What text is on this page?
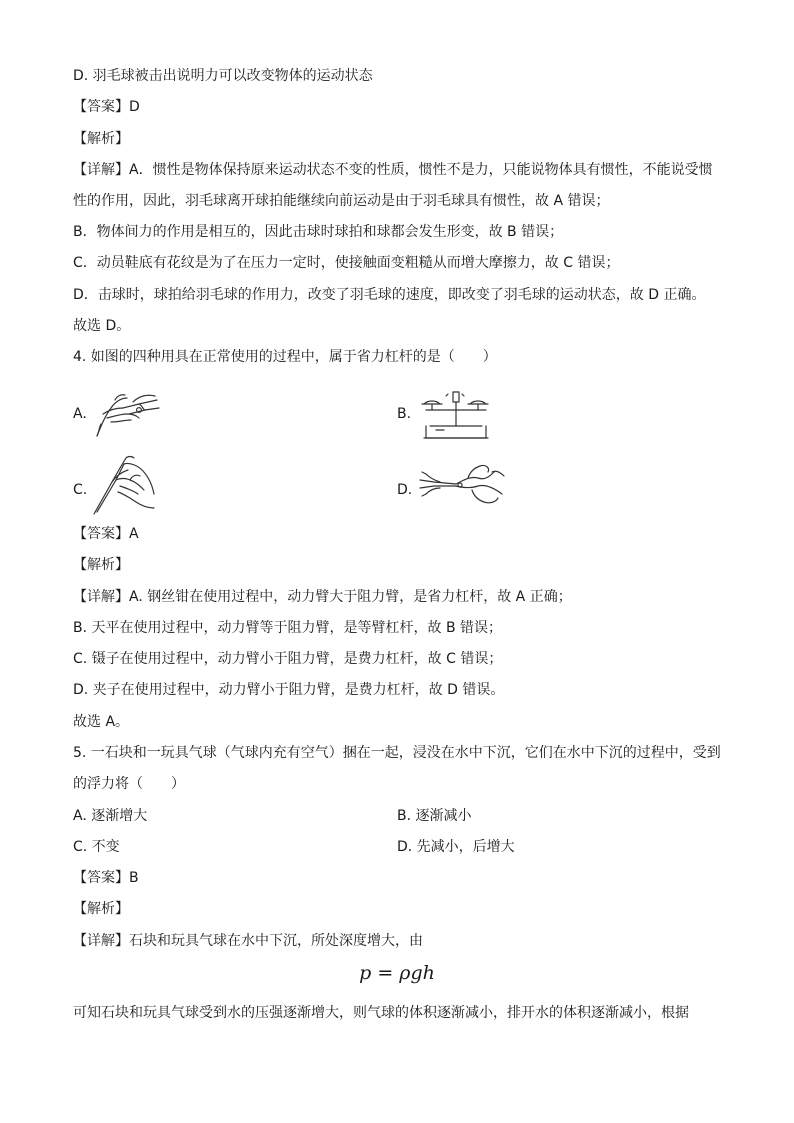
D. 羽毛球被击出说明力可以改变物体的运动状态
【答案】D
【解析】
【详解】A．惯性是物体保持原来运动状态不变的性质，惯性不是力，只能说物体具有惯性，不能说受惯
性的作用，因此，羽毛球离开球拍能继续向前运动是由于羽毛球具有惯性，故 A 错误；
B．物体间力的作用是相互的，因此击球时球拍和球都会发生形变，故 B 错误；
C．动员鞋底有花纹是为了在压力一定时，使接触面变粗糙从而增大摩擦力，故 C 错误；
D．击球时，球拍给羽毛球的作用力，改变了羽毛球的速度，即改变了羽毛球的运动状态，故 D 正确。
故选 D。
4. 如图的四种用具在正常使用的过程中，属于省力杠杆的是（　　）
A.	B.
C.	D.
【答案】A
【解析】
【详解】A. 钢丝钳在使用过程中，动力臂大于阻力臂，是省力杠杆，故 A 正确；
B. 天平在使用过程中，动力臂等于阻力臂，是等臂杠杆，故 B 错误；
C. 镊子在使用过程中，动力臂小于阻力臂，是费力杠杆，故 C 错误；
D. 夹子在使用过程中，动力臂小于阻力臂，是费力杠杆，故 D 错误。
故选 A。
5. 一石块和一玩具气球（气球内充有空气）捆在一起，浸没在水中下沉，它们在水中下沉的过程中，受到
的浮力将（　　）
A. 逐渐增大	B. 逐渐减小
C. 不变	D. 先减小，后增大
【答案】B
【解析】
【详解】石块和玩具气球在水中下沉，所处深度增大，由
p = ρgh
可知石块和玩具气球受到水的压强逐渐增大，则气球的体积逐渐减小，排开水的体积逐渐减小，根据
